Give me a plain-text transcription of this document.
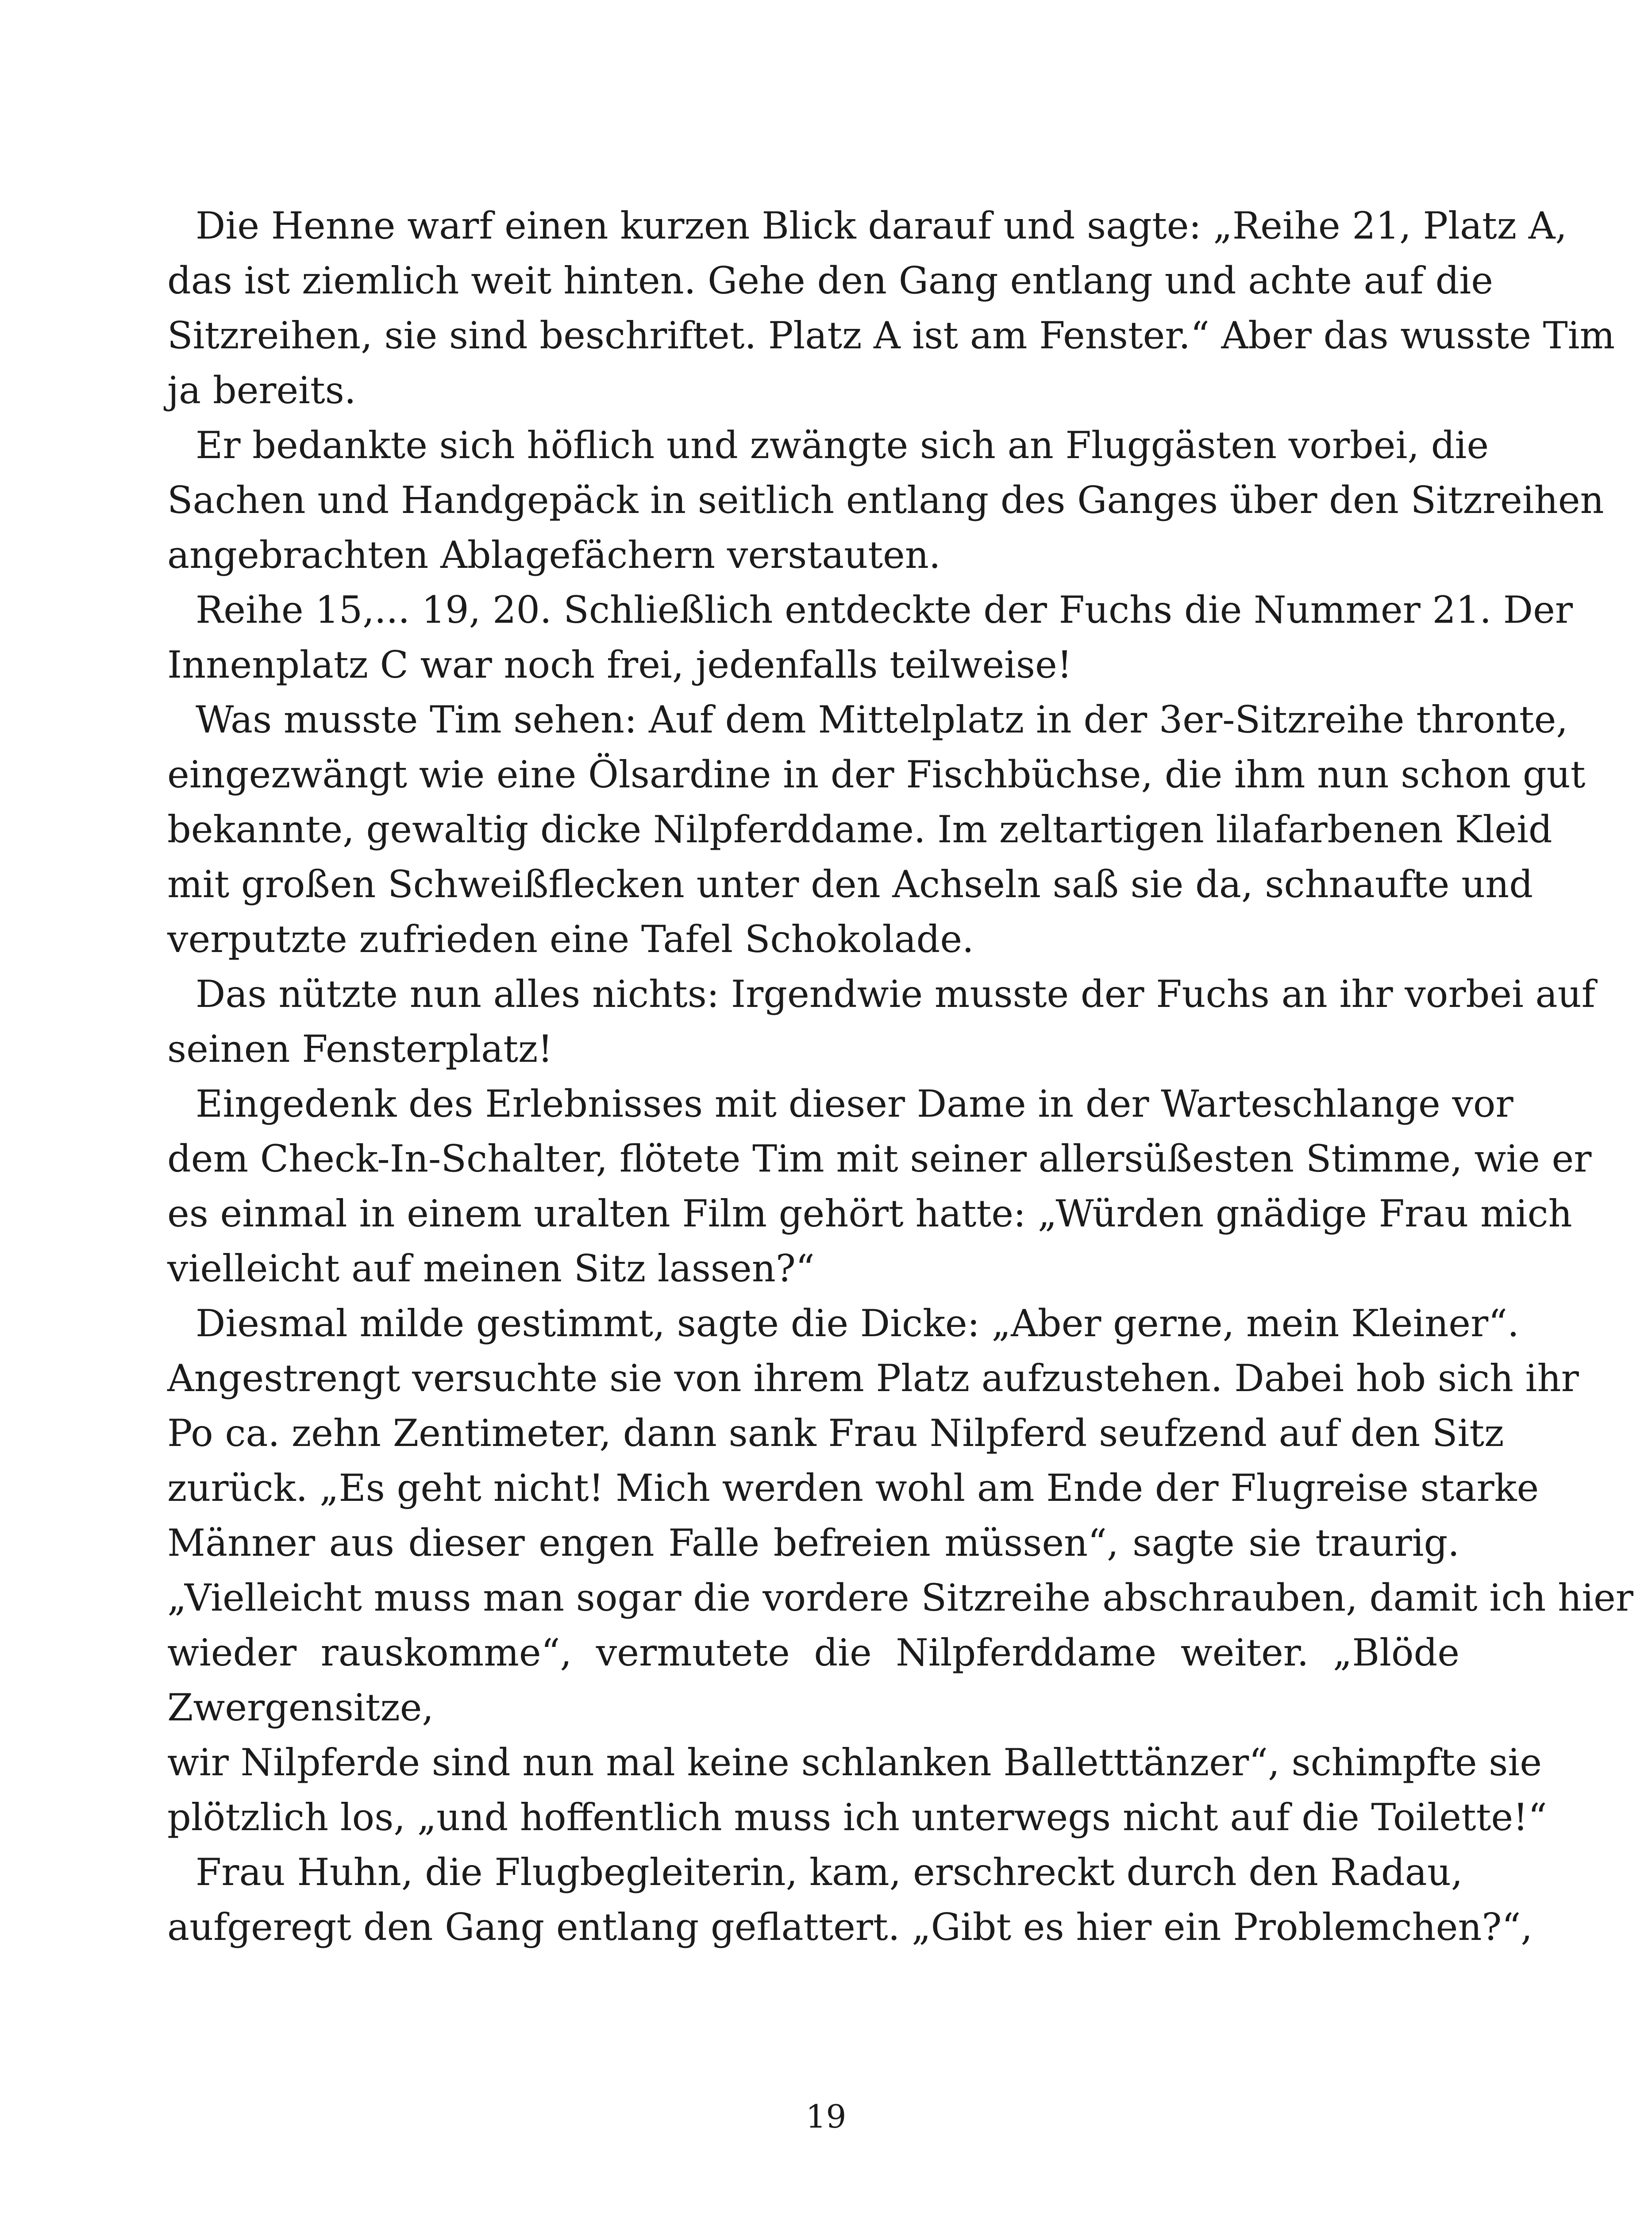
Die Henne warf einen kurzen Blick darauf und sagte: „Reihe 21, Platz A,
das ist ziemlich weit hinten. Gehe den Gang entlang und achte auf die
Sitzreihen, sie sind beschriftet. Platz A ist am Fenster.“ Aber das wusste Tim
ja bereits.
Er bedankte sich höflich und zwängte sich an Fluggästen vorbei, die
Sachen und Handgepäck in seitlich entlang des Ganges über den Sitzreihen
angebrachten Ablagefächern verstauten.
Reihe 15,... 19, 20. Schließlich entdeckte der Fuchs die Nummer 21. Der
Innenplatz C war noch frei, jedenfalls teilweise!
Was musste Tim sehen: Auf dem Mittelplatz in der 3er-Sitzreihe thronte,
eingezwängt wie eine Ölsardine in der Fischbüchse, die ihm nun schon gut
bekannte, gewaltig dicke Nilpferddame. Im zeltartigen lilafarbenen Kleid
mit großen Schweißflecken unter den Achseln saß sie da, schnaufte und
verputzte zufrieden eine Tafel Schokolade.
Das nützte nun alles nichts: Irgendwie musste der Fuchs an ihr vorbei auf
seinen Fensterplatz!
Eingedenk des Erlebnisses mit dieser Dame in der Warteschlange vor
dem Check-In-Schalter, flötete Tim mit seiner allersüßesten Stimme, wie er
es einmal in einem uralten Film gehört hatte: „Würden gnädige Frau mich
vielleicht auf meinen Sitz lassen?“
Diesmal milde gestimmt, sagte die Dicke: „Aber gerne, mein Kleiner“.
Angestrengt versuchte sie von ihrem Platz aufzustehen. Dabei hob sich ihr
Po ca. zehn Zentimeter, dann sank Frau Nilpferd seufzend auf den Sitz
zurück. „Es geht nicht! Mich werden wohl am Ende der Flugreise starke
Männer aus dieser engen Falle befreien müssen“, sagte sie traurig.
„Vielleicht muss man sogar die vordere Sitzreihe abschrauben, damit ich hier
wieder rauskomme“, vermutete die Nilpferddame weiter. „Blöde
Zwergensitze,
wir Nilpferde sind nun mal keine schlanken Balletttänzer“, schimpfte sie
plötzlich los, „und hoffentlich muss ich unterwegs nicht auf die Toilette!“
Frau Huhn, die Flugbegleiterin, kam, erschreckt durch den Radau,
aufgeregt den Gang entlang geflattert. „Gibt es hier ein Problemchen?“,
19
